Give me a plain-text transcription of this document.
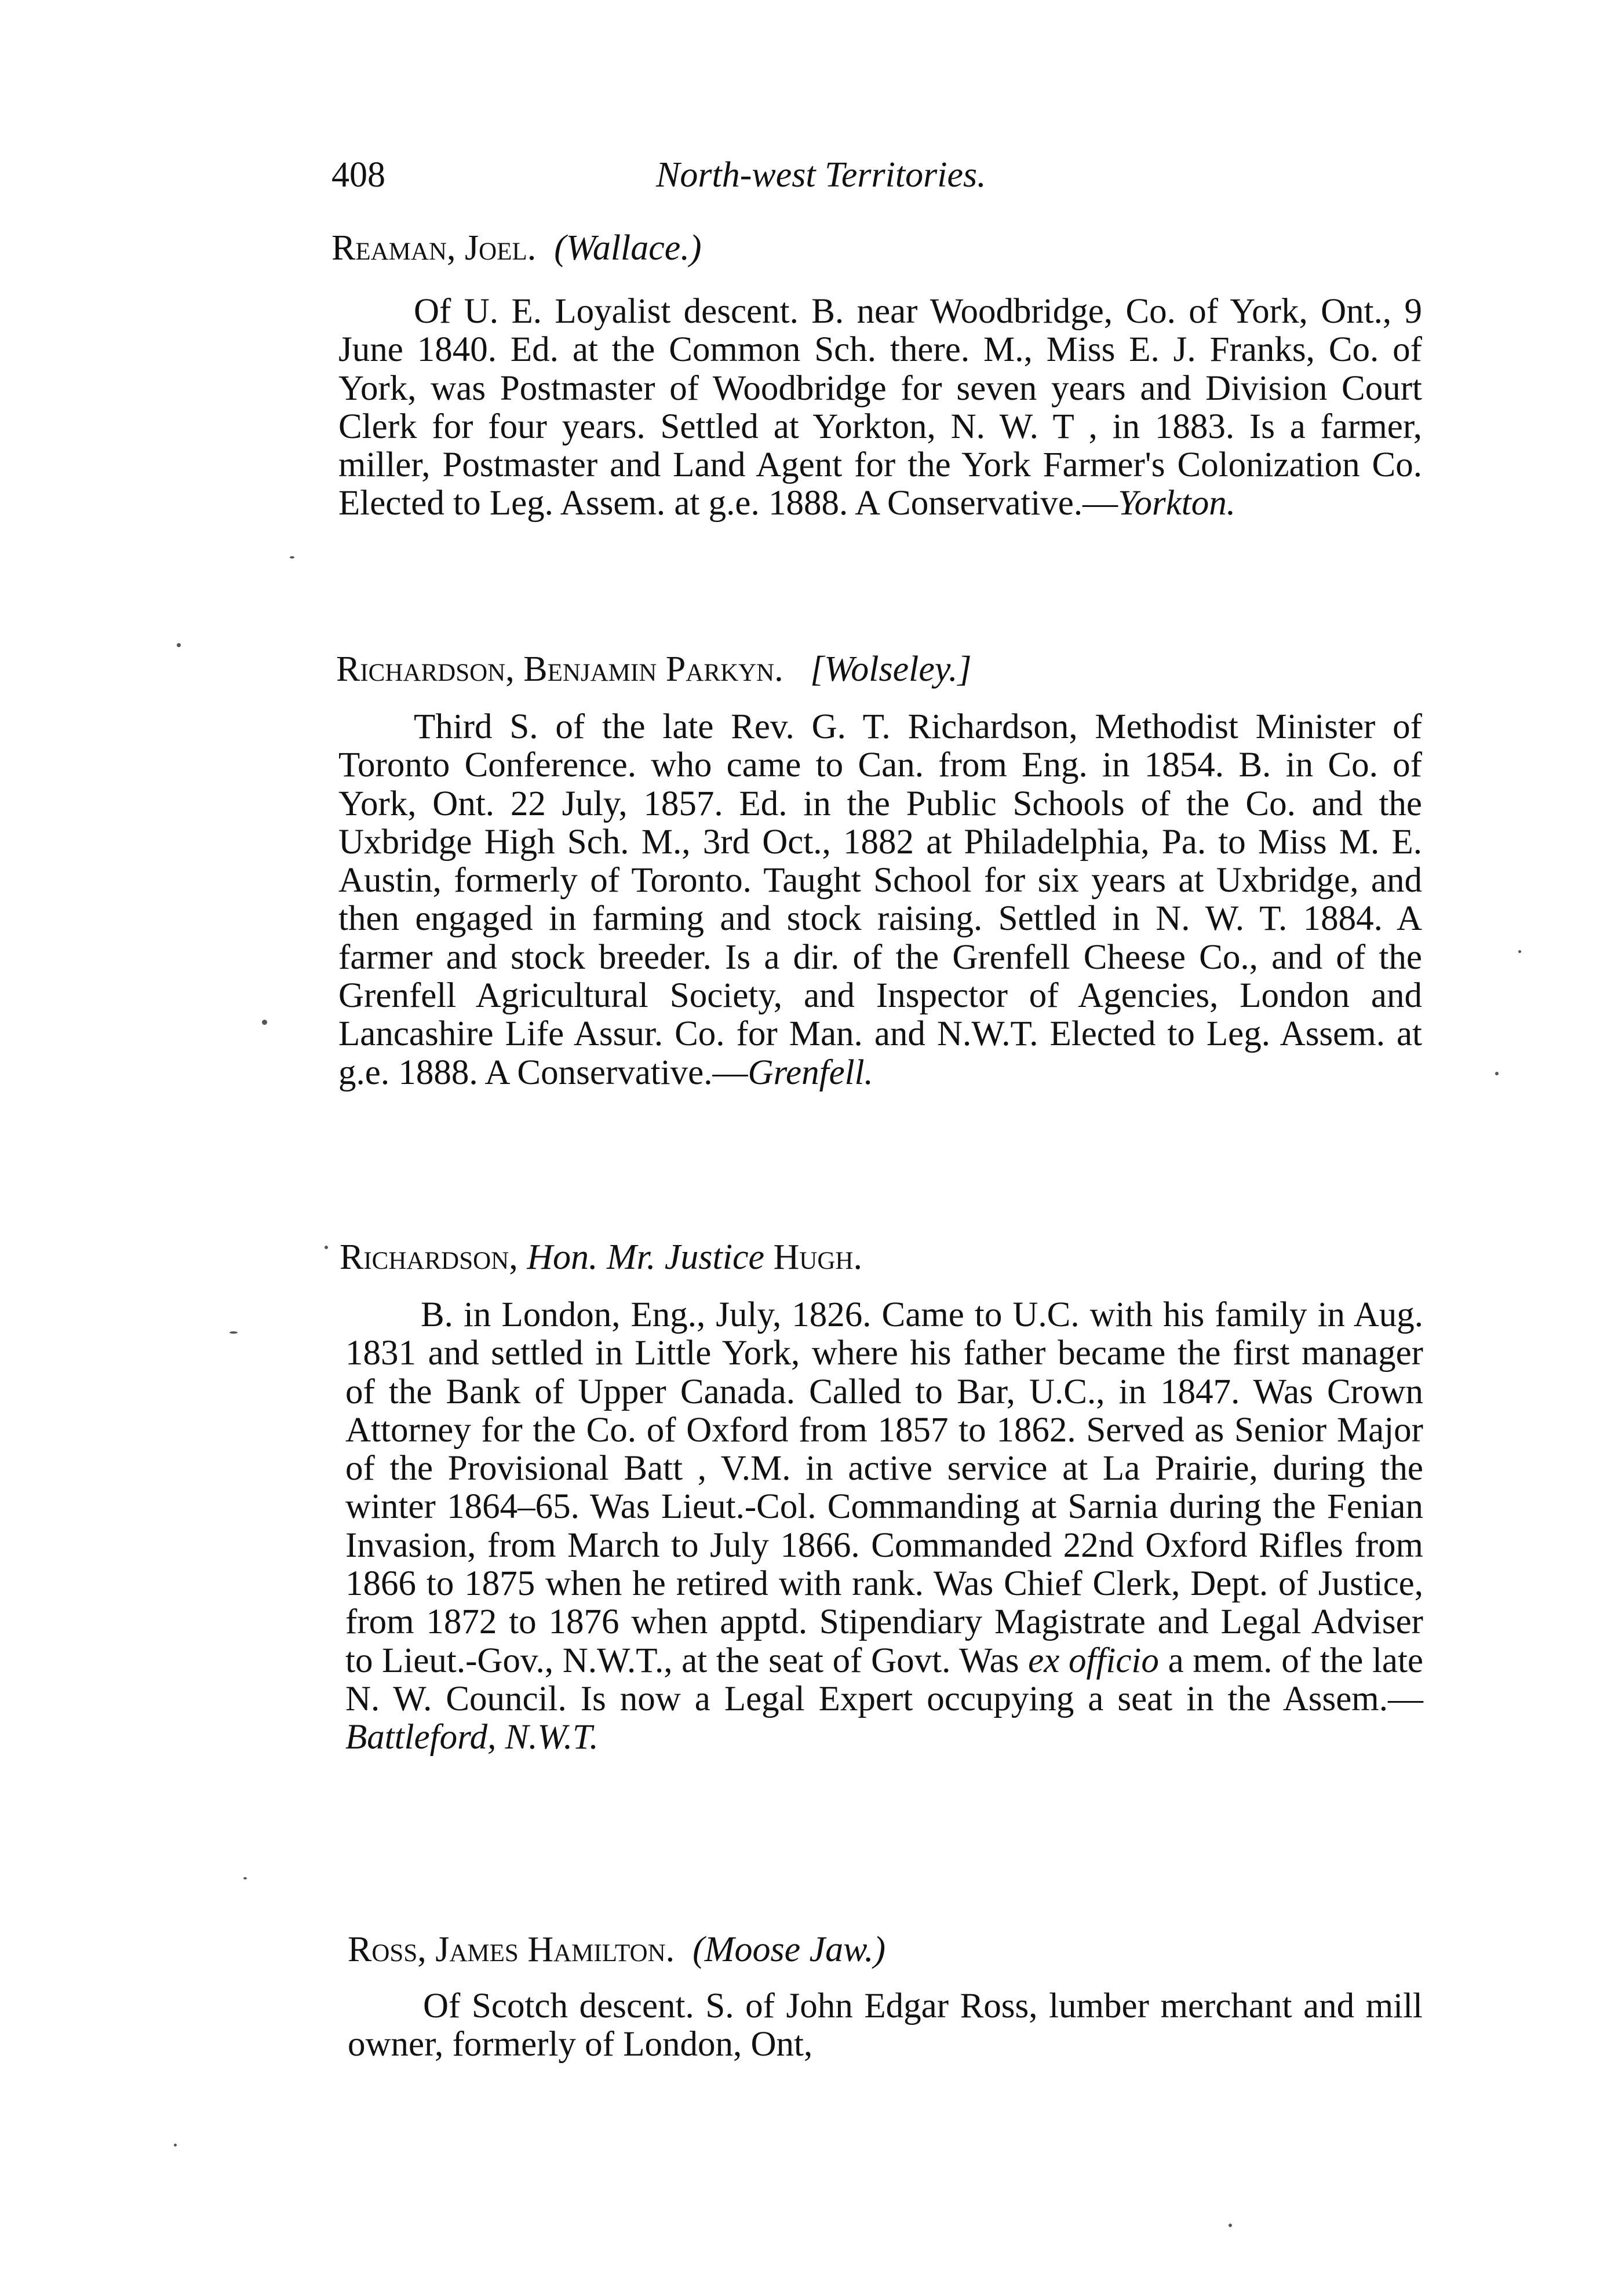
408	North-west Territories.
Reaman, Joel. (Wallace.)

Of U. E. Loyalist descent. B. near Woodbridge, Co. of York, Ont., 9 June 1840. Ed. at the Common Sch. there. M., Miss E. J. Franks, Co. of York, was Postmaster of Woodbridge for seven years and Division Court Clerk for four years. Settled at Yorkton, N. W. T , in 1883. Is a farmer, miller, Postmaster and Land Agent for the York Farmer's Colonization Co. Elected to Leg. Assem. at g.e. 1888. A Conservative.—Yorkton.

Richardson, Benjamin Parkyn. [Wolseley.]

Third S. of the late Rev. G. T. Richardson, Methodist Minister of Toronto Conference. who came to Can. from Eng. in 1854. B. in Co. of York, Ont. 22 July, 1857. Ed. in the Public Schools of the Co. and the Uxbridge High Sch. M., 3rd Oct., 1882 at Philadelphia, Pa. to Miss M. E. Austin, formerly of Toronto. Taught School for six years at Uxbridge, and then engaged in farming and stock raising. Settled in N. W. T. 1884. A farmer and stock breeder. Is a dir. of the Grenfell Cheese Co., and of the Grenfell Agricultural Society, and Inspector of Agencies, London and Lancashire Life Assur. Co. for Man. and N.W.T. Elected to Leg. Assem. at g.e. 1888. A Conservative.—Grenfell.

Richardson, Hon. Mr. Justice Hugh.

B. in London, Eng., July, 1826. Came to U.C. with his family in Aug. 1831 and settled in Little York, where his father became the first manager of the Bank of Upper Canada. Called to Bar, U.C., in 1847. Was Crown Attorney for the Co. of Oxford from 1857 to 1862. Served as Senior Major of the Provisional Batt , V.M. in active service at La Prairie, during the winter 1864–65. Was Lieut.-Col. Commanding at Sarnia during the Fenian Invasion, from March to July 1866. Commanded 22nd Oxford Rifles from 1866 to 1875 when he retired with rank. Was Chief Clerk, Dept. of Justice, from 1872 to 1876 when apptd. Stipendiary Magistrate and Legal Adviser to Lieut.-Gov., N.W.T., at the seat of Govt. Was ex officio a mem. of the late N. W. Council. Is now a Legal Expert occupying a seat in the Assem.—Battleford, N.W.T.

Ross, James Hamilton. (Moose Jaw.)

Of Scotch descent. S. of John Edgar Ross, lumber merchant and mill owner, formerly of London, Ont,
